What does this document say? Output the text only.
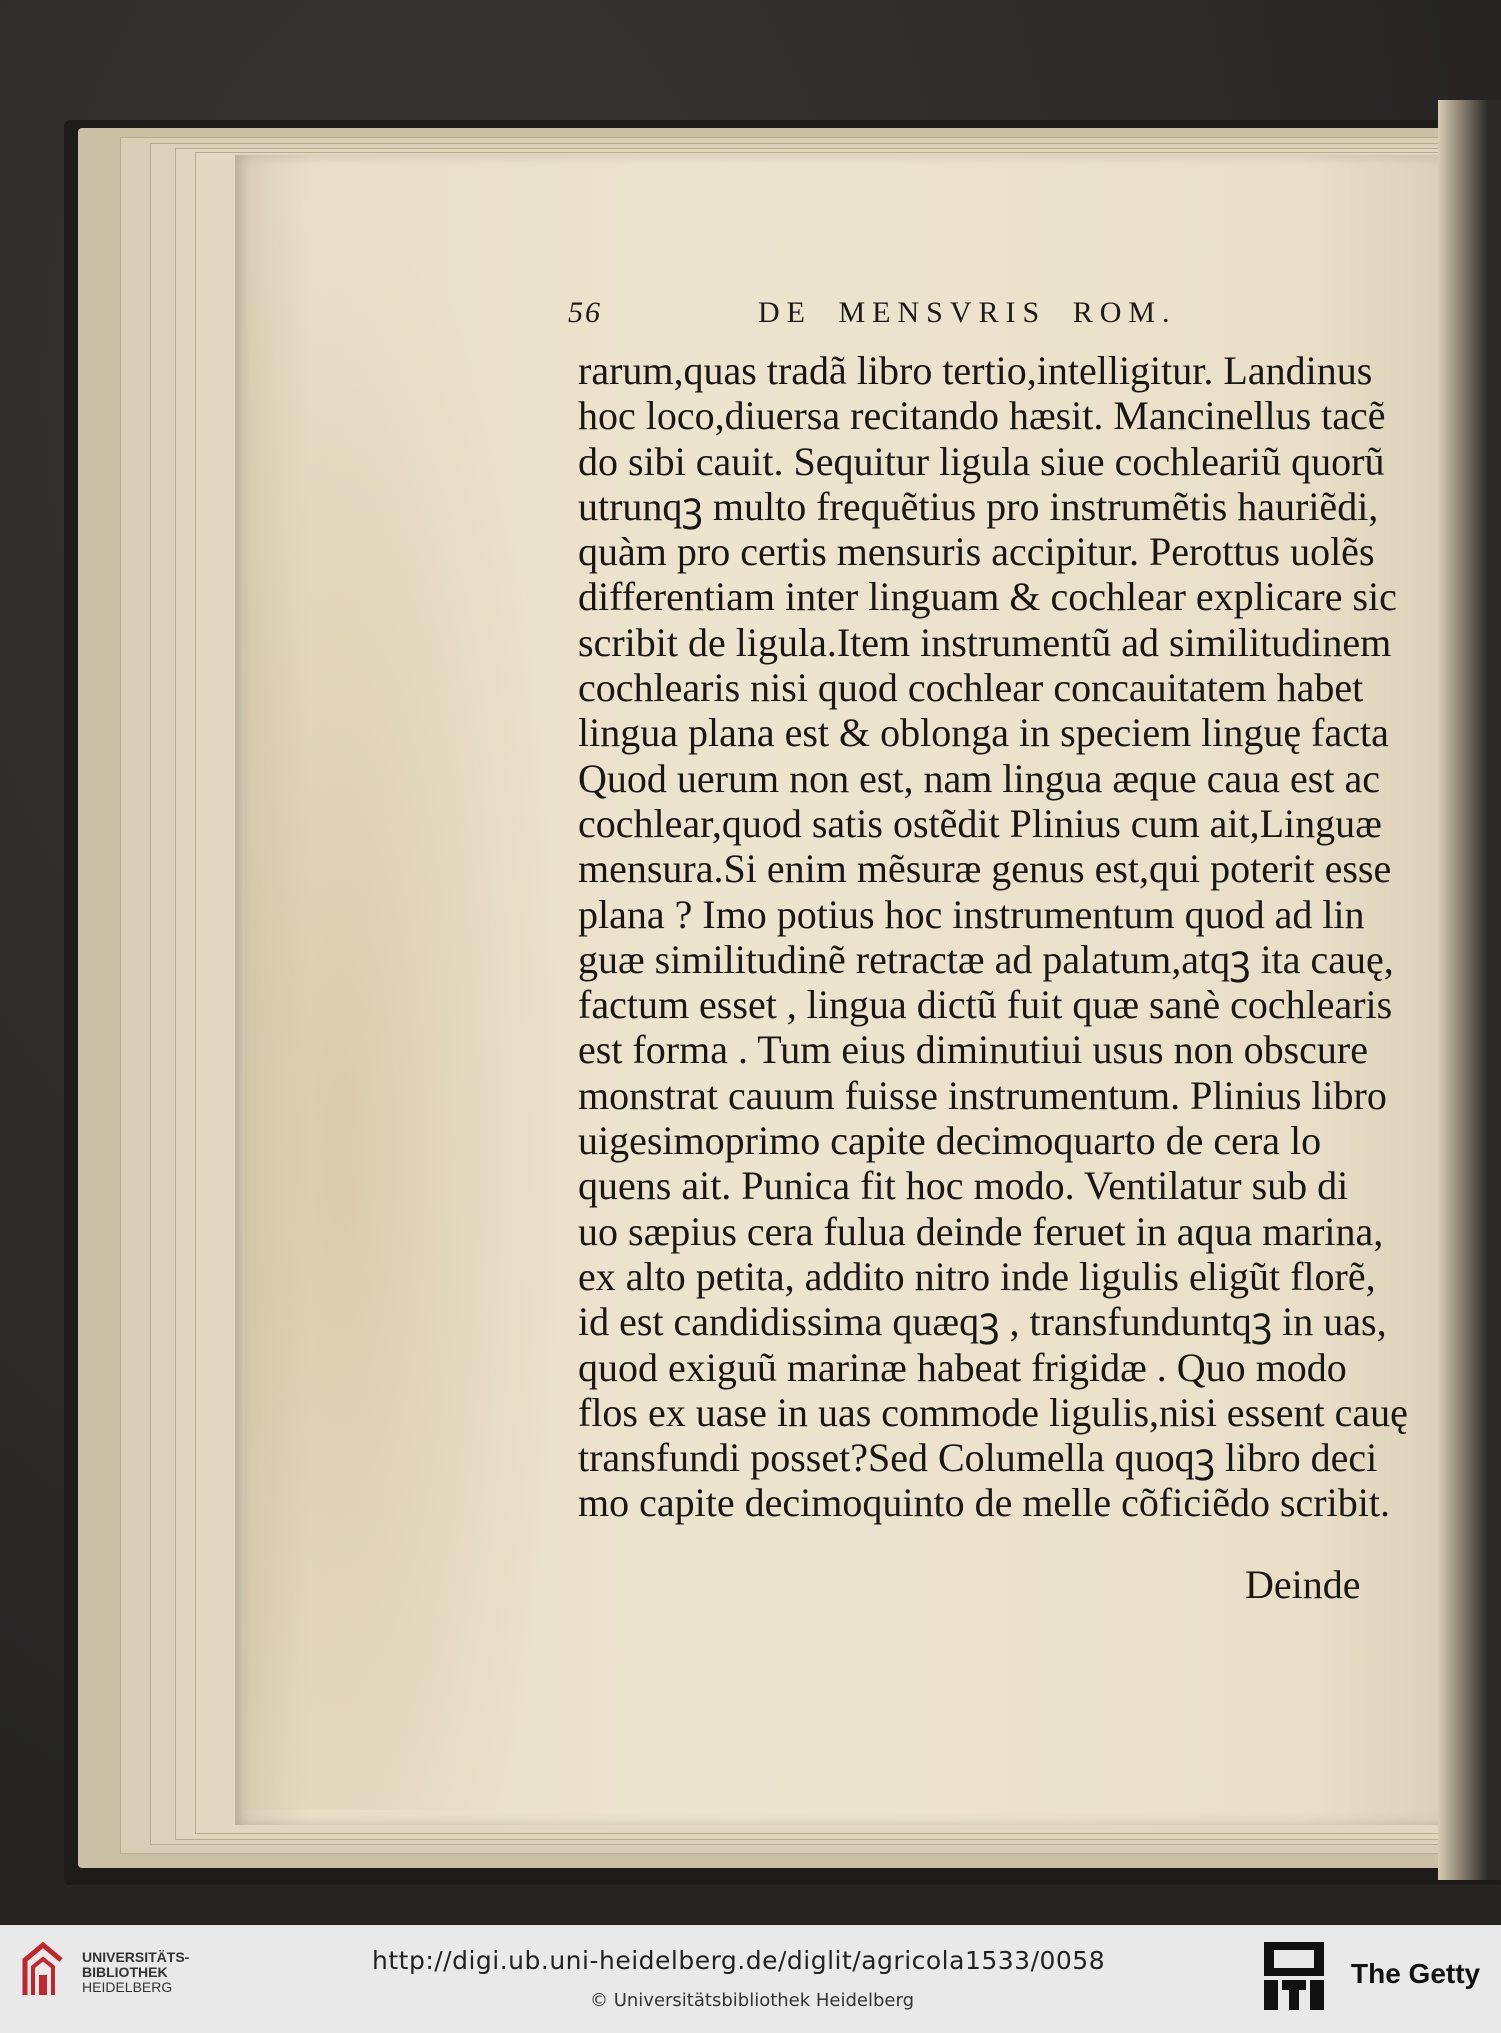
56	DE MENSVRIS ROM.
rarum,quas tradã libro tertio,intelligitur. Landinus
hoc loco,diuersa recitando hæsit. Mancinellus tacẽ
do sibi cauit. Sequitur ligula siue cochleariũ quorũ
utrunqꝫ multo frequẽtius pro instrumẽtis hauriẽdi,
quàm pro certis mensuris accipitur. Perottus uolẽs
differentiam inter linguam & cochlear explicare sic
scribit de ligula.Item instrumentũ ad similitudinem
cochlearis nisi quod cochlear concauitatem habet
lingua plana est & oblonga in speciem linguę facta
Quod uerum non est, nam lingua æque caua est ac
cochlear,quod satis ostẽdit Plinius cum ait,Linguæ
mensura.Si enim mẽsuræ genus est,qui poterit esse
plana ? Imo potius hoc instrumentum quod ad lin
guæ similitudinẽ retractæ ad palatum,atqꝫ ita cauę,
factum esset , lingua dictũ fuit quæ sanè cochlearis
est forma . Tum eius diminutiui usus non obscure
monstrat cauum fuisse instrumentum. Plinius libro
uigesimoprimo capite decimoquarto de cera lo
quens ait. Punica fit hoc modo. Ventilatur sub di
uo sæpius cera fulua deinde feruet in aqua marina,
ex alto petita, addito nitro inde ligulis eligũt florẽ,
id est candidissima quæqꝫ , transfunduntqꝫ in uas,
quod exiguũ marinæ habeat frigidæ . Quo modo
flos ex uase in uas commode ligulis,nisi essent cauę
transfundi posset?Sed Columella quoqꝫ libro deci
mo capite decimoquinto de melle cõficiẽdo scribit.
Deinde
UNIVERSITÄTS-
BIBLIOTHEK
HEIDELBERG
http://digi.ub.uni-heidelberg.de/diglit/agricola1533/0058
© Universitätsbibliothek Heidelberg
The Getty
